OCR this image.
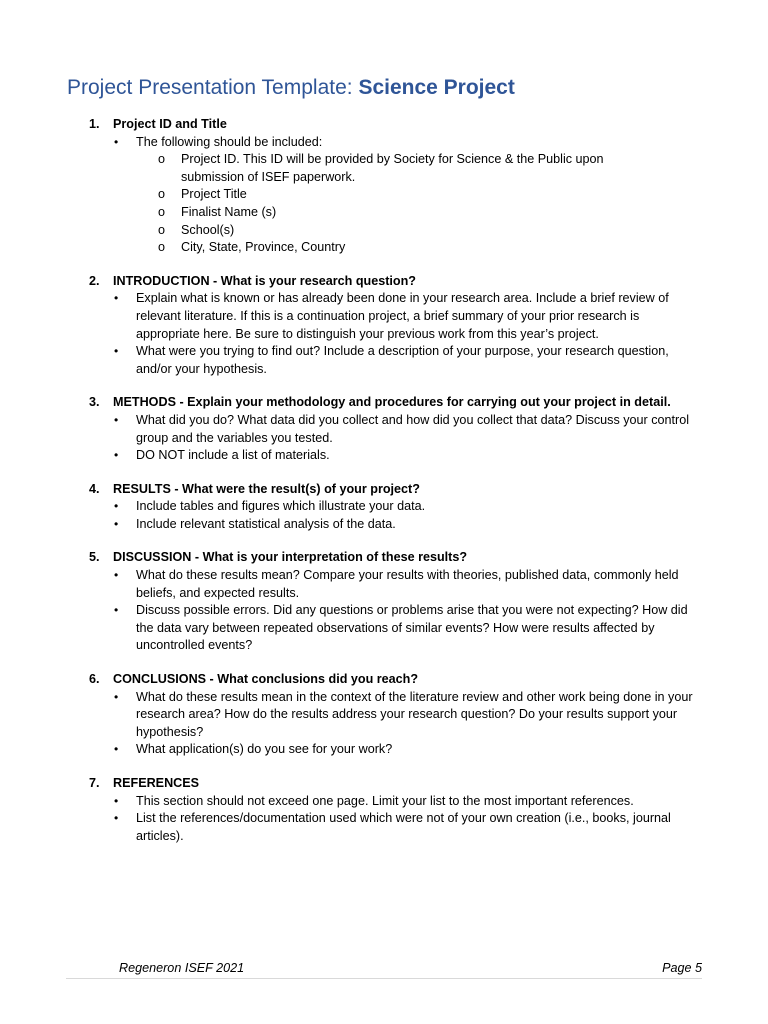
Project Presentation Template: Science Project
1. Project ID and Title
• The following should be included:
o Project ID. This ID will be provided by Society for Science & the Public upon submission of ISEF paperwork.
o Project Title
o Finalist Name (s)
o School(s)
o City, State, Province, Country
2. INTRODUCTION - What is your research question?
• Explain what is known or has already been done in your research area. Include a brief review of relevant literature. If this is a continuation project, a brief summary of your prior research is appropriate here. Be sure to distinguish your previous work from this year’s project.
• What were you trying to find out? Include a description of your purpose, your research question, and/or your hypothesis.
3. METHODS - Explain your methodology and procedures for carrying out your project in detail.
• What did you do? What data did you collect and how did you collect that data? Discuss your control group and the variables you tested.
• DO NOT include a list of materials.
4. RESULTS - What were the result(s) of your project?
• Include tables and figures which illustrate your data.
• Include relevant statistical analysis of the data.
5. DISCUSSION - What is your interpretation of these results?
• What do these results mean? Compare your results with theories, published data, commonly held beliefs, and expected results.
• Discuss possible errors. Did any questions or problems arise that you were not expecting? How did the data vary between repeated observations of similar events? How were results affected by uncontrolled events?
6. CONCLUSIONS - What conclusions did you reach?
• What do these results mean in the context of the literature review and other work being done in your research area? How do the results address your research question? Do your results support your hypothesis?
• What application(s) do you see for your work?
7. REFERENCES
• This section should not exceed one page. Limit your list to the most important references.
• List the references/documentation used which were not of your own creation (i.e., books, journal articles).
Regeneron ISEF 2021	Page 5
